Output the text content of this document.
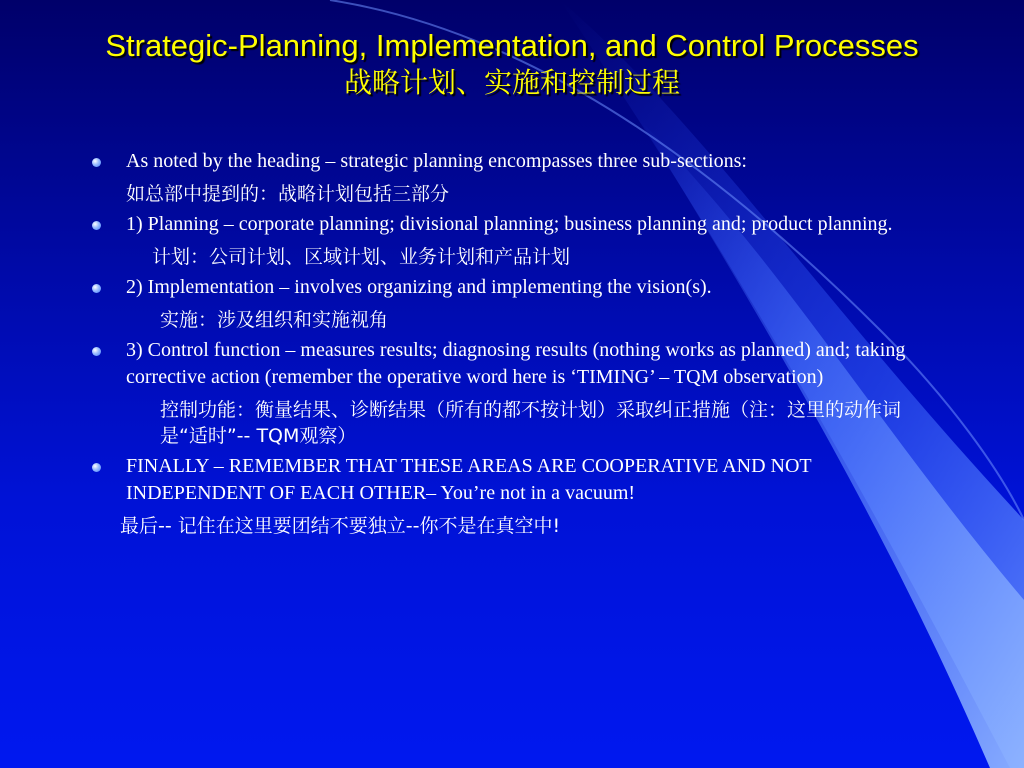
Strategic-Planning, Implementation, and Control Processes
战略计划、实施和控制过程
As noted by the heading – strategic planning encompasses three sub-sections:
如总部中提到的：战略计划包括三部分
1) Planning – corporate planning; divisional planning; business planning and; product planning.
计划：公司计划、区域计划、业务计划和产品计划
2) Implementation – involves organizing and implementing the vision(s).
实施：涉及组织和实施视角
3) Control function – measures results; diagnosing results (nothing works as planned) and; taking corrective action (remember the operative word here is ‘TIMING’ – TQM observation)
控制功能：衡量结果、诊断结果（所有的都不按计划）采取纠正措施（注：这里的动作词是“适时”-- TQM观察）
FINALLY – REMEMBER THAT THESE AREAS ARE COOPERATIVE AND NOT INDEPENDENT OF EACH OTHER– You’re not in a vacuum!
最后-- 记住在这里要团结不要独立--你不是在真空中!
